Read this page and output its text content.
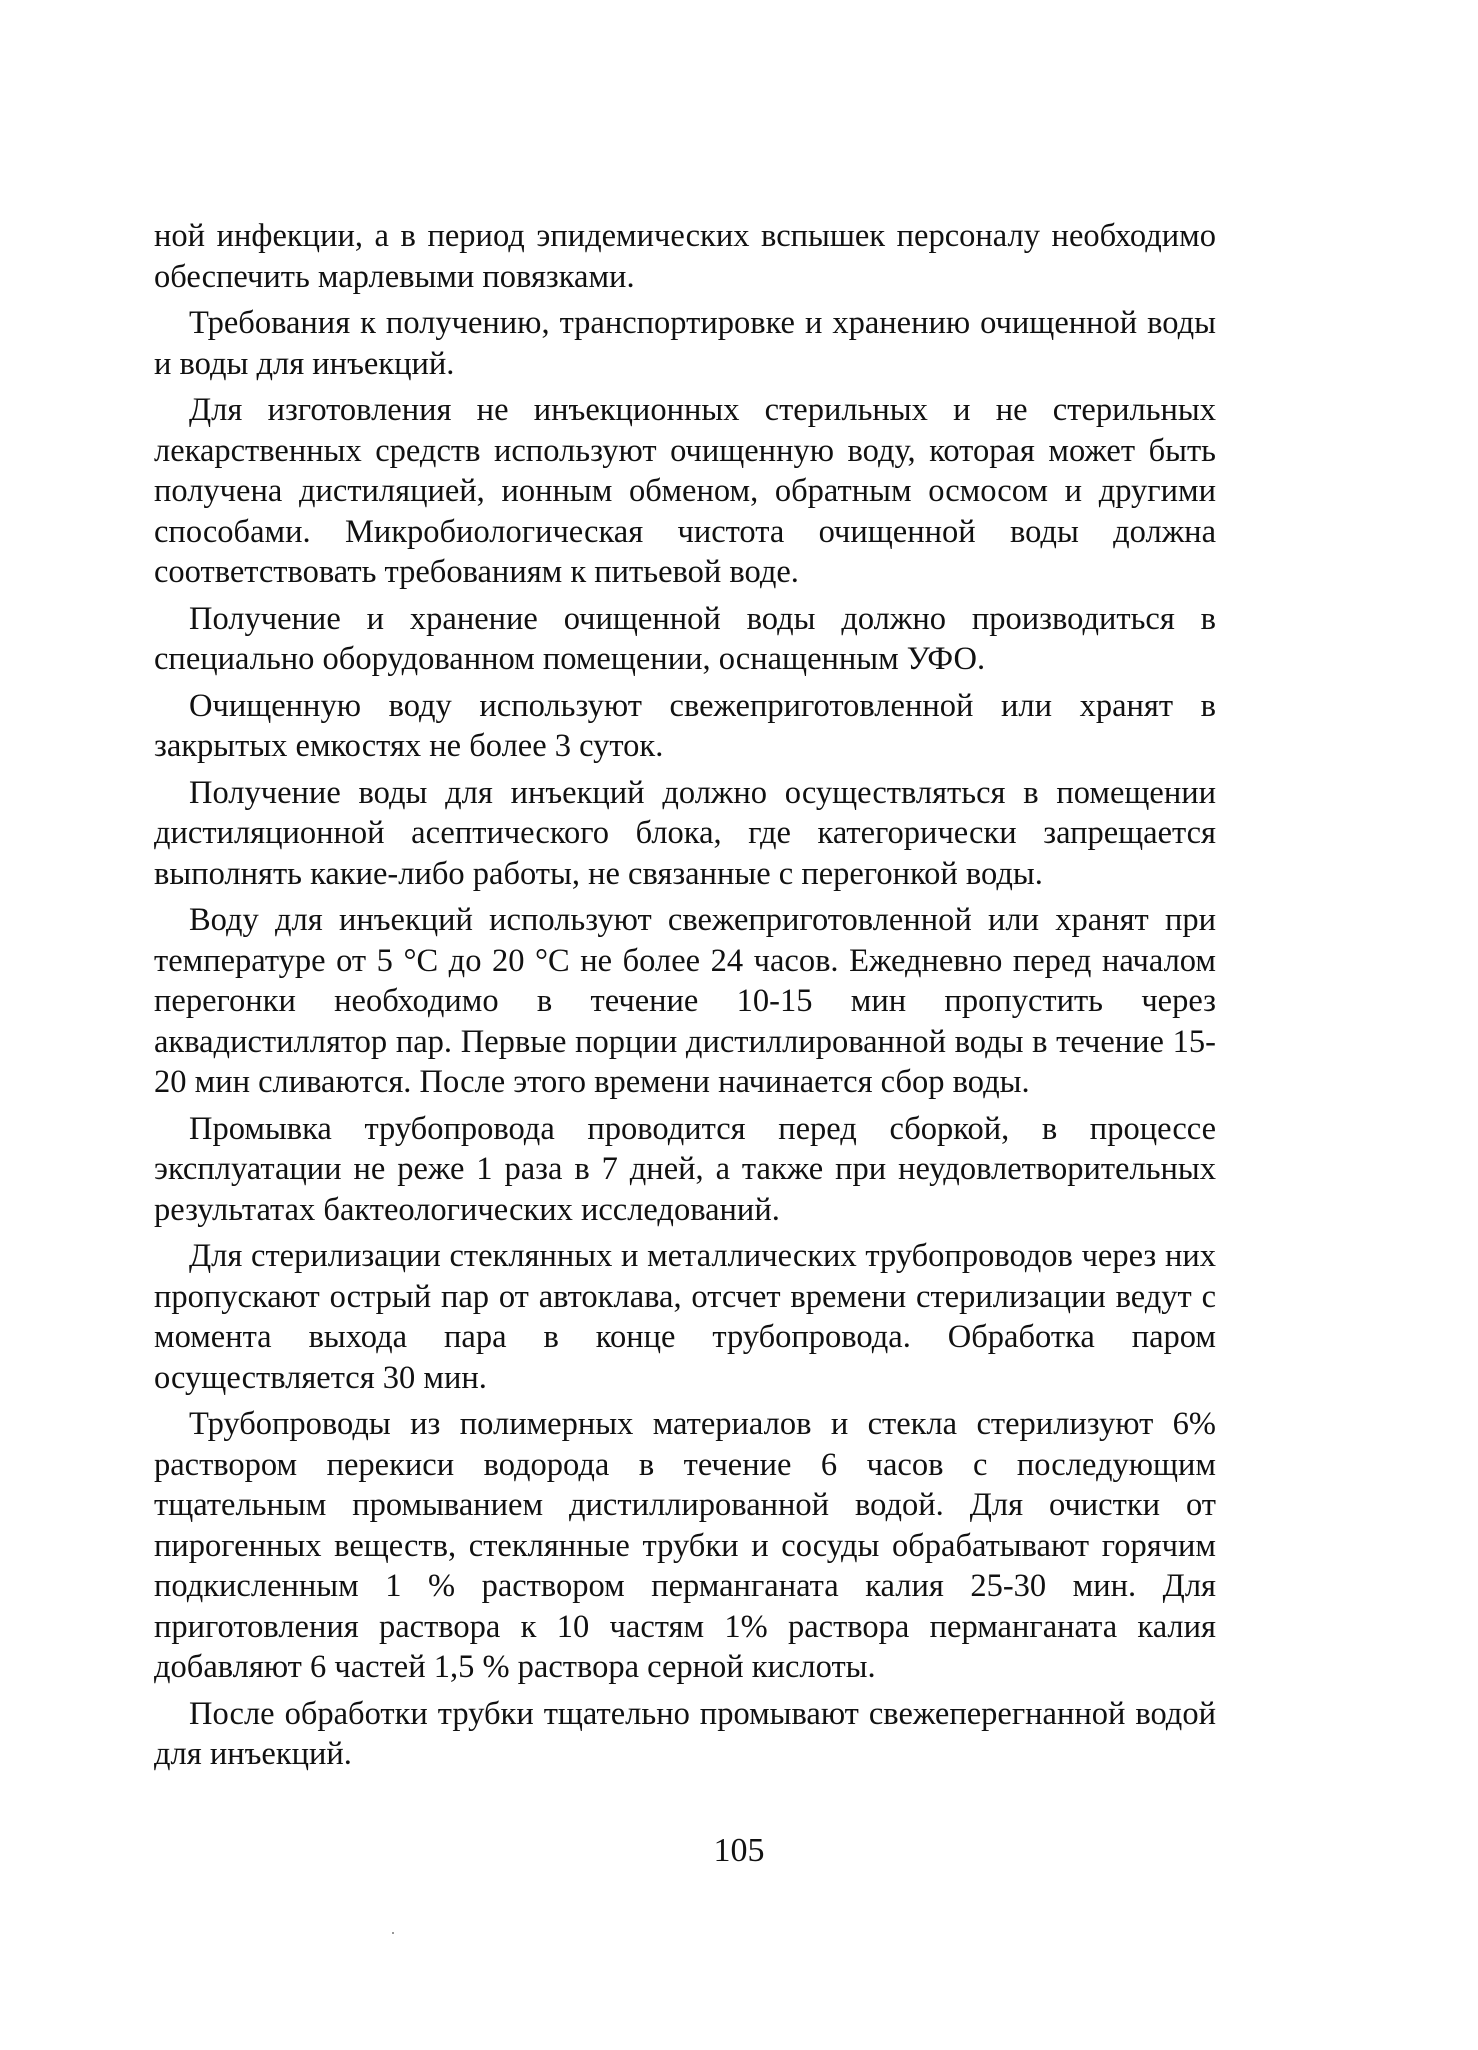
ной инфекции, а в период эпидемических вспышек персоналу необходимо обеспечить марлевыми повязками.

Требования к получению, транспортировке и хранению очищенной воды и воды для инъекций.

Для изготовления не инъекционных стерильных и не стерильных лекарственных средств используют очищенную воду, которая может быть получена дистиляцией, ионным обменом, обратным осмосом и другими способами. Микробиологическая чистота очищенной воды должна соответствовать требованиям к питьевой воде.

Получение и хранение очищенной воды должно производиться в специально оборудованном помещении, оснащенным УФО.

Очищенную воду используют свежеприготовленной или хранят в закрытых емкостях не более 3 суток.

Получение воды для инъекций должно осуществляться в помещении дистиляционной асептического блока, где категорически запрещается выполнять какие-либо работы, не связанные с перегонкой воды.

Воду для инъекций используют свежеприготовленной или хранят при температуре от 5 °С до 20 °С не более 24 часов. Ежедневно перед началом перегонки необходимо в течение 10-15 мин пропустить через аквадистиллятор пар. Первые порции дистиллированной воды в течение 15-20 мин сливаются. После этого времени начинается сбор воды.

Промывка трубопровода проводится перед сборкой, в процессе эксплуатации не реже 1 раза в 7 дней, а также при неудовлетворительных результатах бактеологических исследований.

Для стерилизации стеклянных и металлических трубопроводов через них пропускают острый пар от автоклава, отсчет времени стерилизации ведут с момента выхода пара в конце трубопровода. Обработка паром осуществляется 30 мин.

Трубопроводы из полимерных материалов и стекла стерилизуют 6% раствором перекиси водорода в течение 6 часов с последующим тщательным промыванием дистиллированной водой. Для очистки от пирогенных веществ, стеклянные трубки и сосуды обрабатывают горячим подкисленным 1 % раствором перманганата калия 25-30 мин. Для приготовления раствора к 10 частям 1% раствора перманганата калия добавляют 6 частей 1,5 % раствора серной кислоты.

После обработки трубки тщательно промывают свежеперегнанной водой для инъекций.

105
